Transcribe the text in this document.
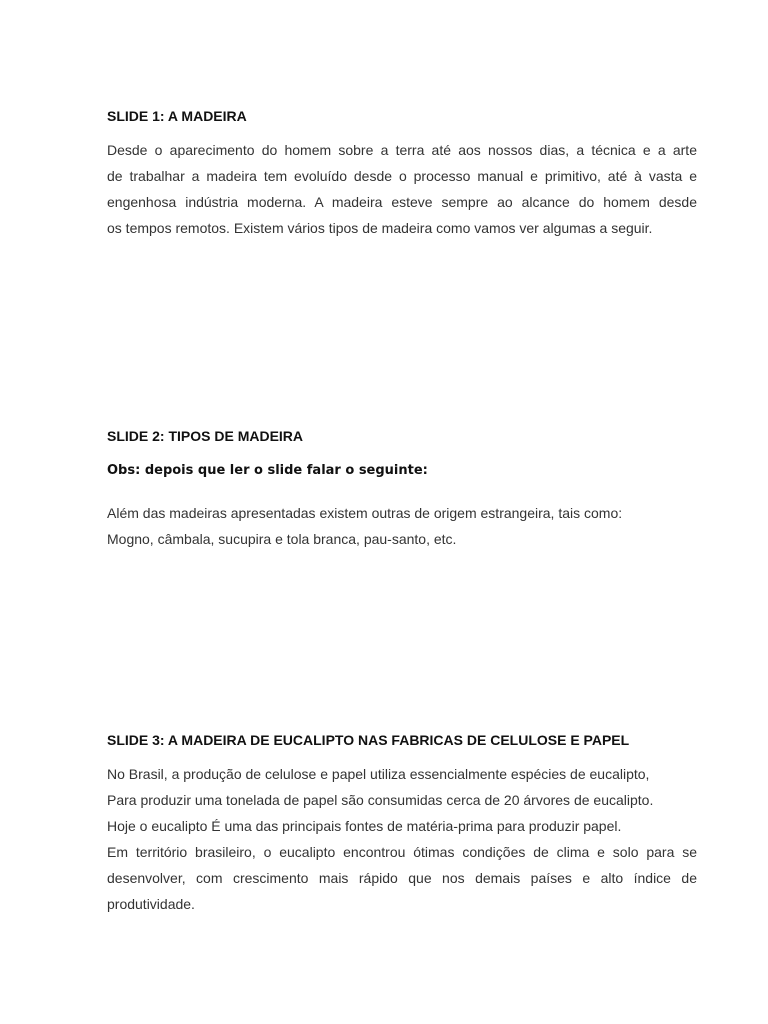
SLIDE 1: A MADEIRA
Desde o aparecimento do homem sobre a terra até aos nossos dias, a técnica e a arte
de trabalhar a madeira tem evoluído desde o processo manual e primitivo, até à vasta e
engenhosa indústria moderna. A madeira esteve sempre ao alcance do homem desde
os tempos remotos. Existem vários tipos de madeira como vamos ver algumas a seguir.
SLIDE 2: TIPOS DE MADEIRA
Obs: depois que ler o slide falar o seguinte:
Além das madeiras apresentadas existem outras de origem estrangeira, tais como:
Mogno, câmbala, sucupira e tola branca, pau-santo, etc.
SLIDE 3: A MADEIRA DE EUCALIPTO NAS FABRICAS DE CELULOSE E PAPEL
No Brasil, a produção de celulose e papel utiliza essencialmente espécies de eucalipto,
Para produzir uma tonelada de papel são consumidas cerca de 20 árvores de eucalipto.
Hoje o eucalipto É uma das principais fontes de matéria-prima para produzir papel.
Em território brasileiro, o eucalipto encontrou ótimas condições de clima e solo para se
desenvolver, com crescimento mais rápido que nos demais países e alto índice de
produtividade.
